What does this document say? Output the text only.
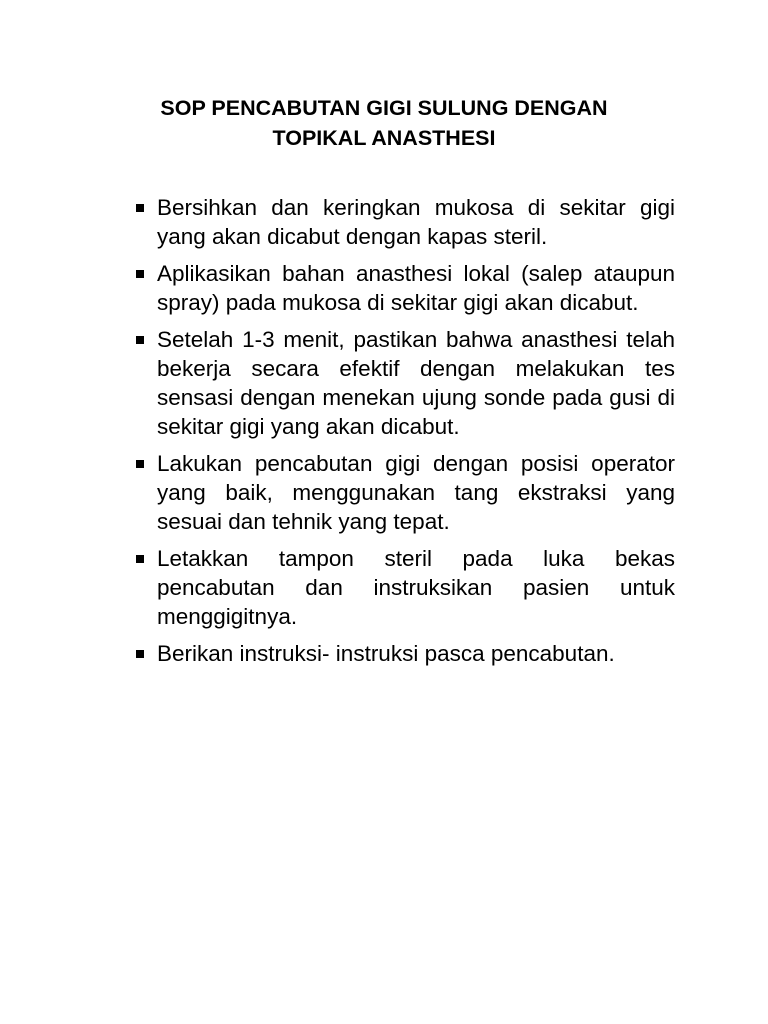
SOP PENCABUTAN GIGI SULUNG DENGAN
TOPIKAL ANASTHESI
Bersihkan dan keringkan mukosa di sekitar gigi yang akan dicabut dengan kapas steril.
Aplikasikan bahan anasthesi lokal (salep ataupun spray) pada mukosa di sekitar gigi akan dicabut.
Setelah 1-3 menit, pastikan bahwa anasthesi telah bekerja secara efektif dengan melakukan tes sensasi dengan menekan ujung sonde pada gusi di sekitar gigi yang akan dicabut.
Lakukan pencabutan gigi dengan posisi operator yang baik, menggunakan tang ekstraksi yang sesuai dan tehnik yang tepat.
Letakkan tampon steril pada luka bekas pencabutan dan instruksikan pasien untuk menggigitnya.
Berikan instruksi- instruksi pasca pencabutan.
